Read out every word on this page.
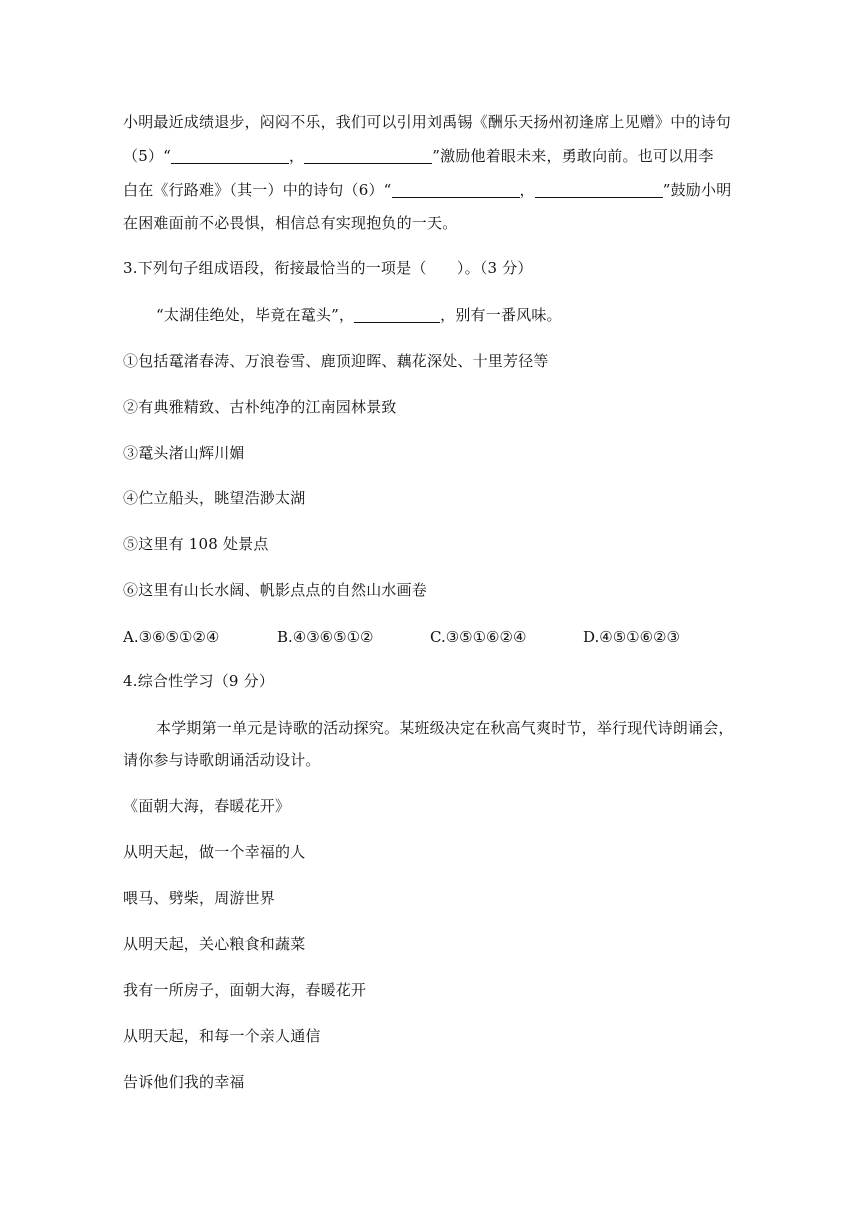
小明最近成绩退步，闷闷不乐，我们可以引用刘禹锡《酬乐天扬州初逢席上见赠》中的诗句
（5）“	，	”激励他着眼未来，勇敢向前。也可以用李
白在《行路难》（其一）中的诗句（6）“	，	”鼓励小明
在困难面前不必畏惧，相信总有实现抱负的一天。
3.下列句子组成语段，衔接最恰当的一项是（　　）。（3 分）
“太湖佳绝处，毕竟在鼋头”，	，别有一番风味。
①包括鼋渚春涛、万浪卷雪、鹿顶迎晖、藕花深处、十里芳径等
②有典雅精致、古朴纯净的江南园林景致
③鼋头渚山辉川媚
④伫立船头，眺望浩渺太湖
⑤这里有 108 处景点
⑥这里有山长水阔、帆影点点的自然山水画卷
A.③⑥⑤①②④	B.④③⑥⑤①②	C.③⑤①⑥②④	D.④⑤①⑥②③
4.综合性学习（9 分）
本学期第一单元是诗歌的活动探究。某班级决定在秋高气爽时节，举行现代诗朗诵会，
请你参与诗歌朗诵活动设计。
《面朝大海，春暖花开》
从明天起，做一个幸福的人
喂马、劈柴，周游世界
从明天起，关心粮食和蔬菜
我有一所房子，面朝大海，春暖花开
从明天起，和每一个亲人通信
告诉他们我的幸福
